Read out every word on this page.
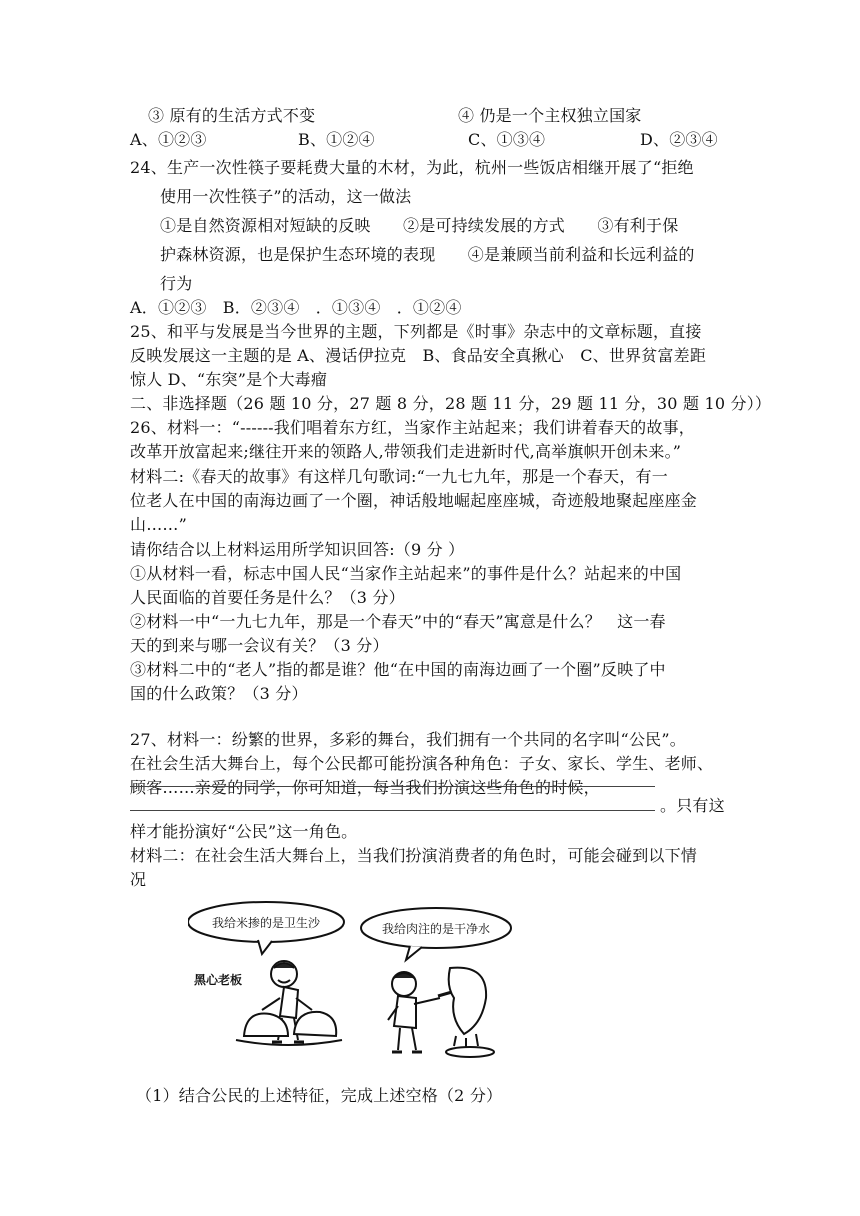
③ 原有的生活方式不变	④ 仍是一个主权独立国家
A、①②③	B、①②④	C、①③④	D、②③④
24、生产一次性筷子要耗费大量的木材，为此，杭州一些饭店相继开展了“拒绝
使用一次性筷子”的活动，这一做法
①是自然资源相对短缺的反映　　②是可持续发展的方式　　③有利于保
护森林资源，也是保护生态环境的表现　　④是兼顾当前利益和长远利益的
行为
A．①②③　B．②③④　．①③④　．①②④
25、和平与发展是当今世界的主题，下列都是《时事》杂志中的文章标题，直接
反映发展这一主题的是 A、漫话伊拉克　B、食品安全真揪心　C、世界贫富差距
惊人 D、“东突”是个大毒瘤
二、非选择题（26 题 10 分，27 题 8 分，28 题 11 分，29 题 11 分，30 题 10 分））
26、材料一：“------我们唱着东方红，当家作主站起来；我们讲着春天的故事，
改革开放富起来;继往开来的领路人,带领我们走进新时代,高举旗帜开创未来。”
材料二:《春天的故事》有这样几句歌词:“一九七九年，那是一个春天，有一
位老人在中国的南海边画了一个圈，神话般地崛起座座城，奇迹般地聚起座座金
山……”
请你结合以上材料运用所学知识回答:（9 分 ）
①从材料一看，标志中国人民“当家作主站起来”的事件是什么？站起来的中国
人民面临的首要任务是什么？（3 分）
②材料一中“一九七九年，那是一个春天”中的“春天”寓意是什么？　这一春
天的到来与哪一会议有关？（3 分）
③材料二中的“老人”指的都是谁？他“在中国的南海边画了一个圈”反映了中
国的什么政策？（3 分）
27、材料一：纷繁的世界，多彩的舞台，我们拥有一个共同的名字叫“公民”。
在社会生活大舞台上，每个公民都可能扮演各种角色：子女、家长、学生、老师、
顾客……亲爱的同学，你可知道，每当我们扮演这些角色的时候，
。只有这
样才能扮演好“公民”这一角色。
材料二：在社会生活大舞台上，当我们扮演消费者的角色时，可能会碰到以下情
况
我给米掺的是卫生沙	我给肉注的是干净水
黑心老板
（1）结合公民的上述特征，完成上述空格（2 分）
